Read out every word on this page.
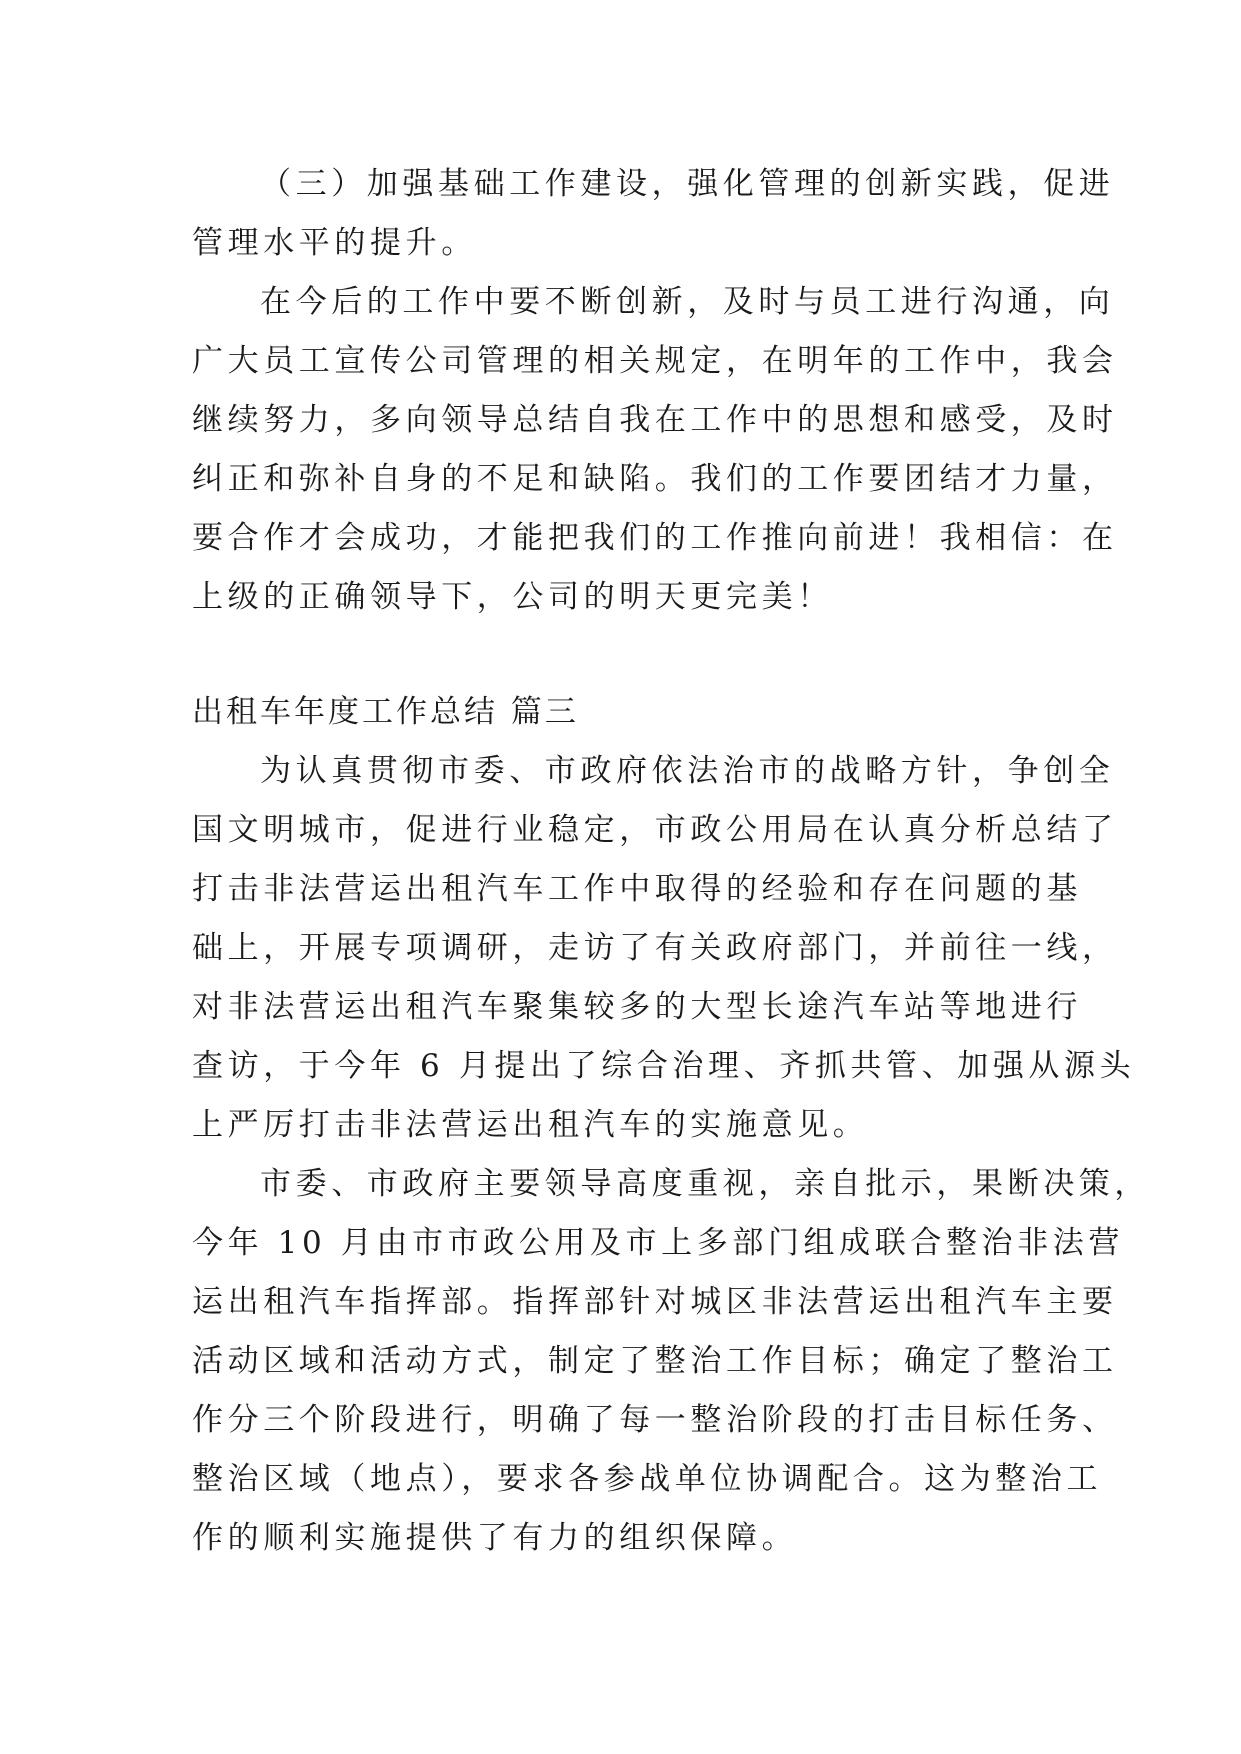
（三）加强基础工作建设，强化管理的创新实践，促进
管理水平的提升。
在今后的工作中要不断创新，及时与员工进行沟通，向
广大员工宣传公司管理的相关规定，在明年的工作中，我会
继续努力，多向领导总结自我在工作中的思想和感受，及时
纠正和弥补自身的不足和缺陷。我们的工作要团结才力量，
要合作才会成功，才能把我们的工作推向前进！我相信：在
上级的正确领导下，公司的明天更完美！
出租车年度工作总结 篇三
为认真贯彻市委、市政府依法治市的战略方针，争创全
国文明城市，促进行业稳定，市政公用局在认真分析总结了
打击非法营运出租汽车工作中取得的经验和存在问题的基
础上，开展专项调研，走访了有关政府部门，并前往一线，
对非法营运出租汽车聚集较多的大型长途汽车站等地进行
查访，于今年 6 月提出了综合治理、齐抓共管、加强从源头
上严厉打击非法营运出租汽车的实施意见。
市委、市政府主要领导高度重视，亲自批示，果断决策，
今年 10 月由市市政公用及市上多部门组成联合整治非法营
运出租汽车指挥部。指挥部针对城区非法营运出租汽车主要
活动区域和活动方式，制定了整治工作目标；确定了整治工
作分三个阶段进行，明确了每一整治阶段的打击目标任务、
整治区域（地点），要求各参战单位协调配合。这为整治工
作的顺利实施提供了有力的组织保障。
